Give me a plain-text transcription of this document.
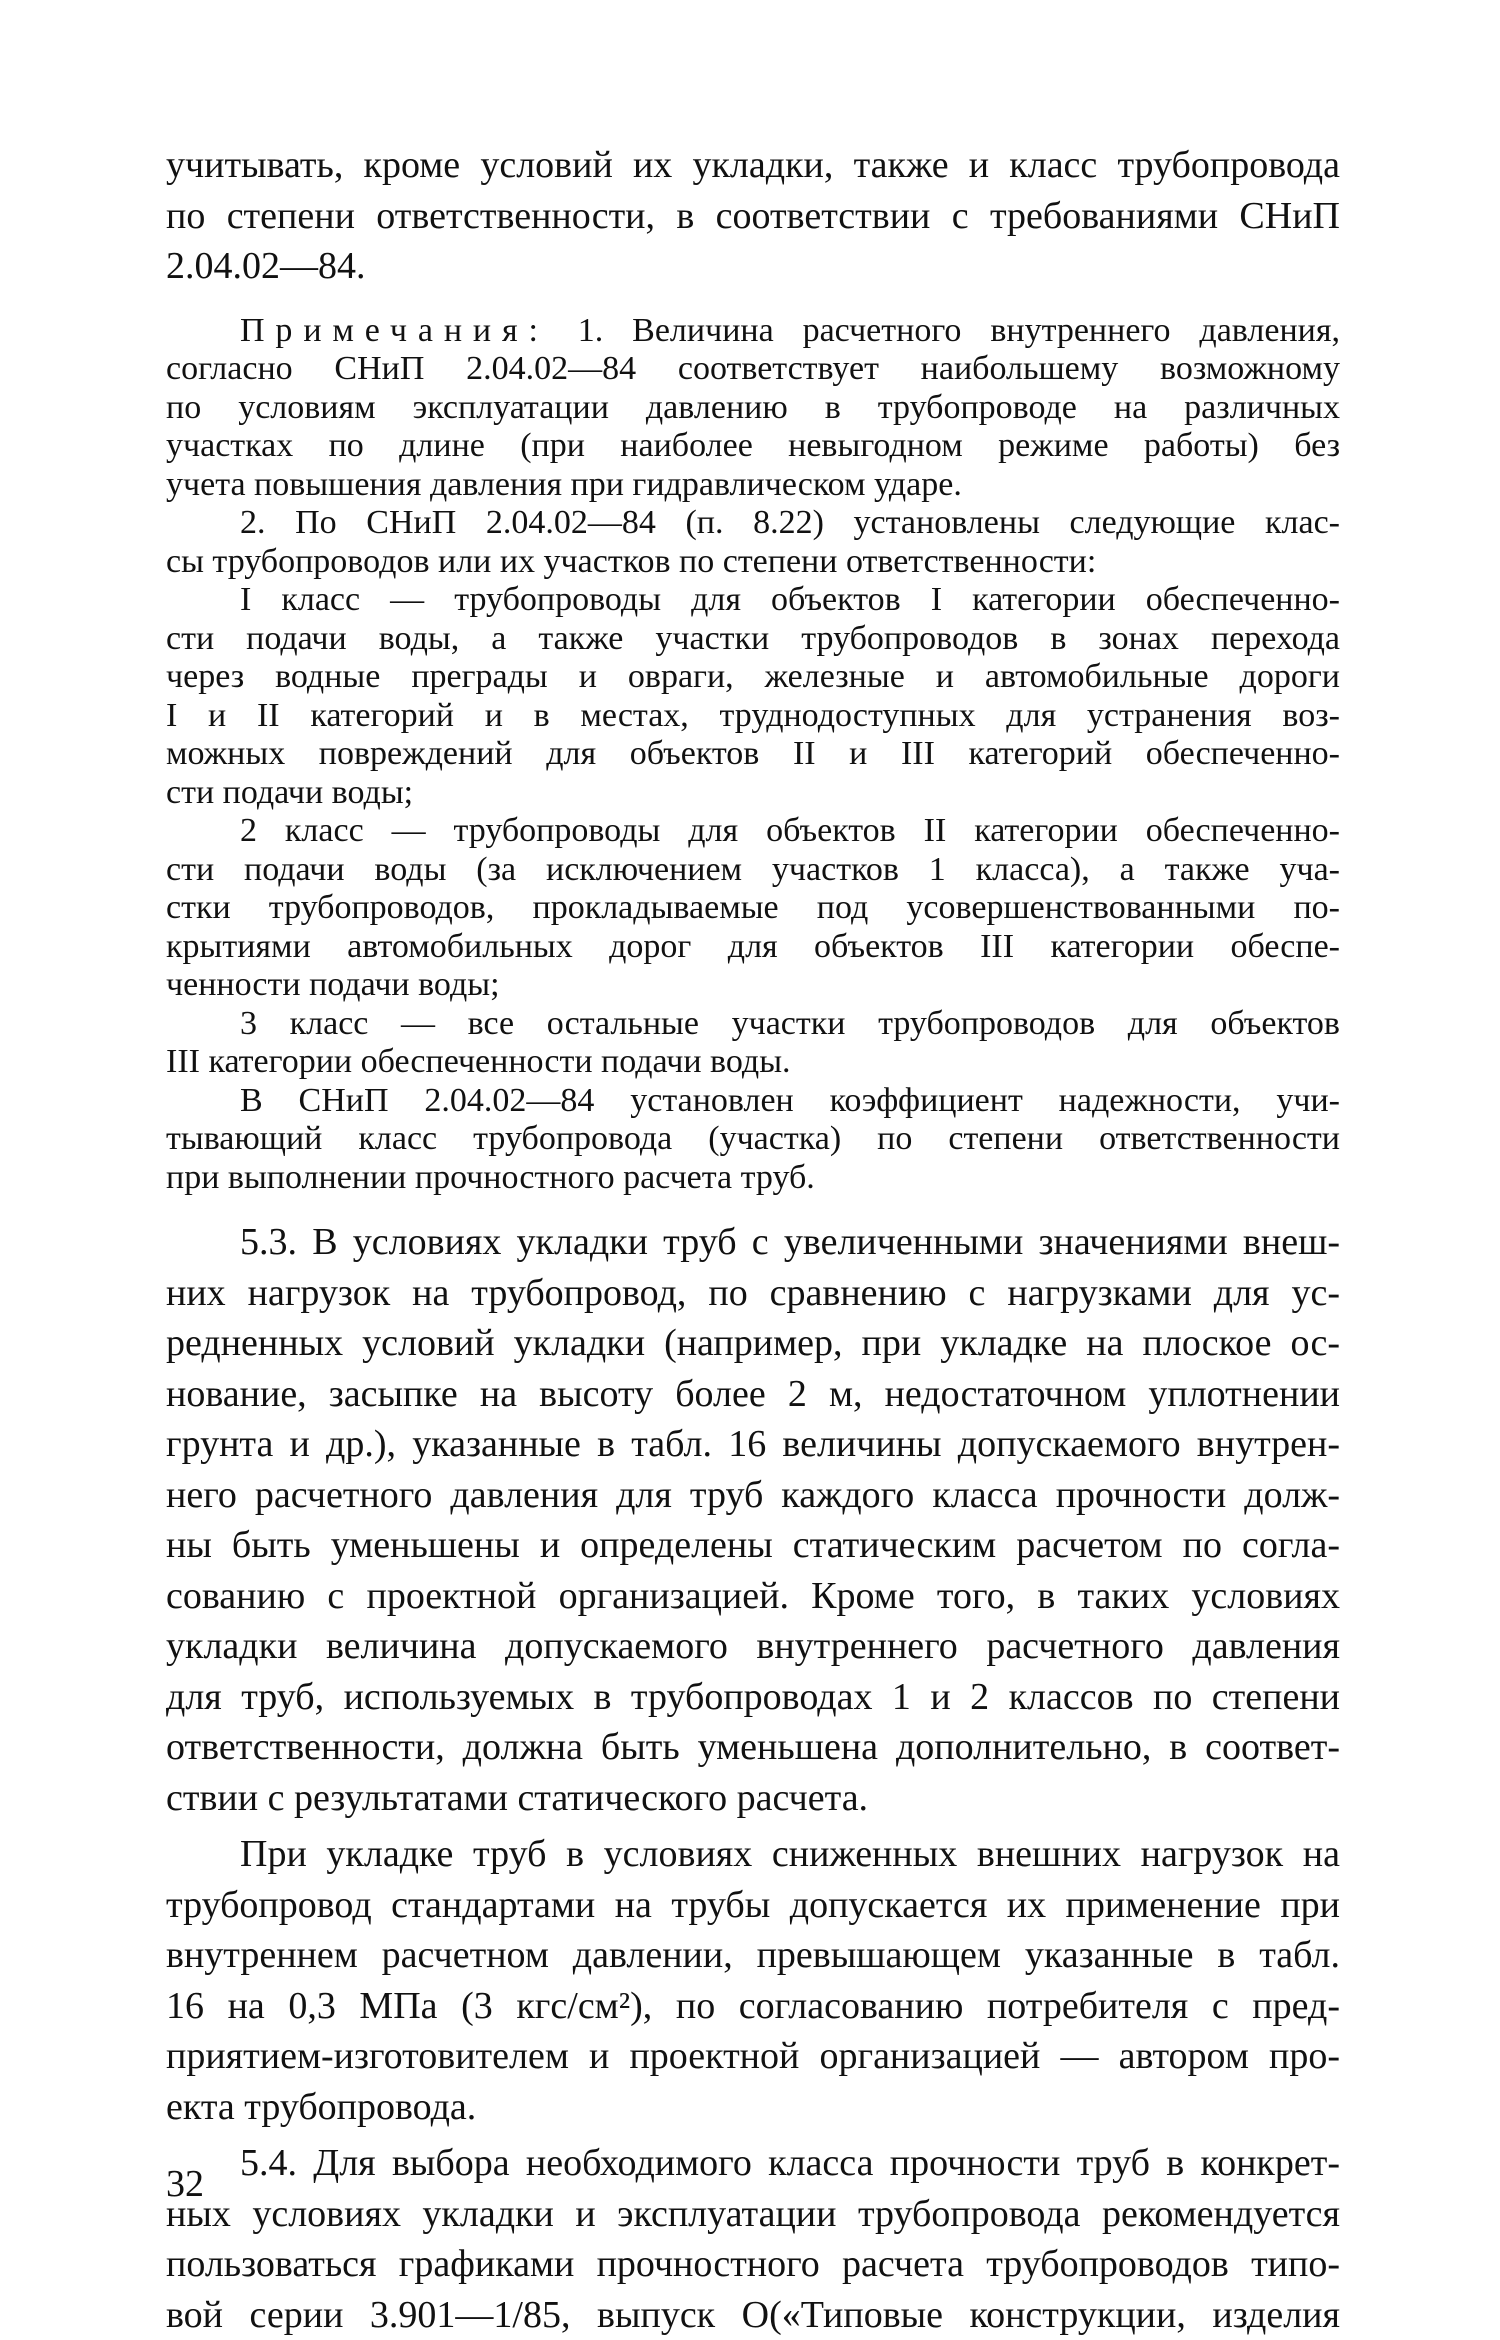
учитывать, кроме условий их укладки, также и класс трубопровода
по степени ответственности, в соответствии с требованиями СНиП
2.04.02—84.
Примечания: 1. Величина расчетного внутреннего давления,
согласно СНиП 2.04.02—84 соответствует наибольшему возможному
по условиям эксплуатации давлению в трубопроводе на различных
участках по длине (при наиболее невыгодном режиме работы) без
учета повышения давления при гидравлическом ударе.
2. По СНиП 2.04.02—84 (п. 8.22) установлены следующие клас-
сы трубопроводов или их участков по степени ответственности:
I класс — трубопроводы для объектов I категории обеспеченно-
сти подачи воды, а также участки трубопроводов в зонах перехода
через водные преграды и овраги, железные и автомобильные дороги
I и II категорий и в местах, труднодоступных для устранения воз-
можных повреждений для объектов II и III категорий обеспеченно-
сти подачи воды;
2 класс — трубопроводы для объектов II категории обеспеченно-
сти подачи воды (за исключением участков 1 класса), а также уча-
стки трубопроводов, прокладываемые под усовершенствованными по-
крытиями автомобильных дорог для объектов III категории обеспе-
ченности подачи воды;
3 класс — все остальные участки трубопроводов для объектов
III категории обеспеченности подачи воды.
В СНиП 2.04.02—84 установлен коэффициент надежности, учи-
тывающий класс трубопровода (участка) по степени ответственности
при выполнении прочностного расчета труб.
5.3. В условиях укладки труб с увеличенными значениями внеш-
них нагрузок на трубопровод, по сравнению с нагрузками для ус-
редненных условий укладки (например, при укладке на плоское ос-
нование, засыпке на высоту более 2 м, недостаточном уплотнении
грунта и др.), указанные в табл. 16 величины допускаемого внутрен-
него расчетного давления для труб каждого класса прочности долж-
ны быть уменьшены и определены статическим расчетом по согла-
сованию с проектной организацией. Кроме того, в таких условиях
укладки величина допускаемого внутреннего расчетного давления
для труб, используемых в трубопроводах 1 и 2 классов по степени
ответственности, должна быть уменьшена дополнительно, в соответ-
ствии с результатами статического расчета.
При укладке труб в условиях сниженных внешних нагрузок на
трубопровод стандартами на трубы допускается их применение при
внутреннем расчетном давлении, превышающем указанные в табл.
16 на 0,3 МПа (3 кгс/см²), по согласованию потребителя с пред-
приятием-изготовителем и проектной организацией — автором про-
екта трубопровода.
5.4. Для выбора необходимого класса прочности труб в конкрет-
ных условиях укладки и эксплуатации трубопровода рекомендуется
пользоваться графиками прочностного расчета трубопроводов типо-
вой серии 3.901—1/85, выпуск О(«Типовые конструкции, изделия
32
